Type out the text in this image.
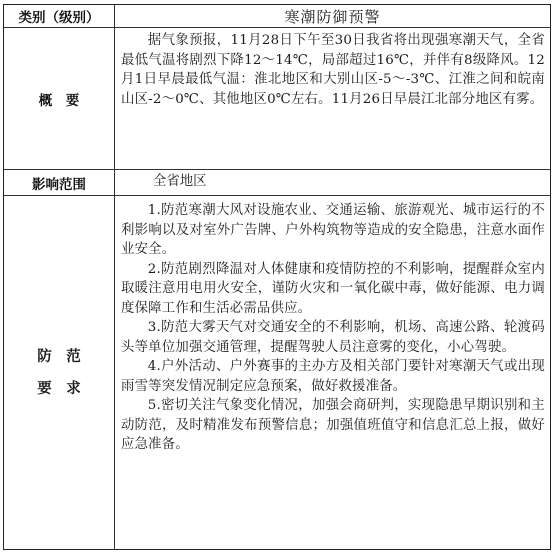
类别（级别）	寒潮防御预警
概　要

据气象预报，11月28日下午至30日我省将出现强寒潮天气，全省最低气温将剧烈下降12～14℃，局部超过16℃，并伴有8级降风。12月1日早晨最低气温：淮北地区和大别山区-5～-3℃、江淮之间和皖南山区-2～0℃、其他地区0℃左右。11月26日早晨江北部分地区有雾。

影响范围	全省地区

防　范
要　求

1.防范寒潮大风对设施农业、交通运输、旅游观光、城市运行的不利影响以及对室外广告牌、户外构筑物等造成的安全隐患，注意水面作业安全。

2.防范剧烈降温对人体健康和疫情防控的不利影响，提醒群众室内取暖注意用电用火安全，谨防火灾和一氧化碳中毒，做好能源、电力调度保障工作和生活必需品供应。

3.防范大雾天气对交通安全的不利影响，机场、高速公路、轮渡码头等单位加强交通管理，提醒驾驶人员注意雾的变化，小心驾驶。

4.户外活动、户外赛事的主办方及相关部门要针对寒潮天气或出现雨雪等突发情况制定应急预案，做好救援准备。

5.密切关注气象变化情况，加强会商研判，实现隐患早期识别和主动防范，及时精准发布预警信息；加强值班值守和信息汇总上报，做好应急准备。
